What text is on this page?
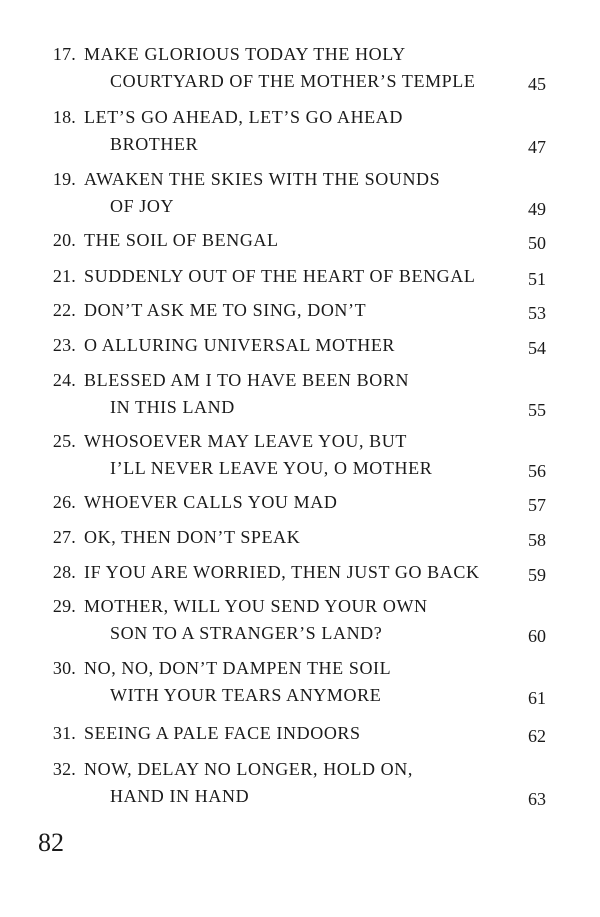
17. MAKE GLORIOUS TODAY THE HOLY
COURTYARD OF THE MOTHER’S TEMPLE	45
18. LET’S GO AHEAD, LET’S GO AHEAD
BROTHER	47
19. AWAKEN THE SKIES WITH THE SOUNDS
OF JOY	49
20. THE SOIL OF BENGAL	50
21. SUDDENLY OUT OF THE HEART OF BENGAL	51
22. DON’T ASK ME TO SING, DON’T	53
23. O ALLURING UNIVERSAL MOTHER	54
24. BLESSED AM I TO HAVE BEEN BORN
IN THIS LAND	55
25. WHOSOEVER MAY LEAVE YOU, BUT
I’LL NEVER LEAVE YOU, O MOTHER	56
26. WHOEVER CALLS YOU MAD	57
27. OK, THEN DON’T SPEAK	58
28. IF YOU ARE WORRIED, THEN JUST GO BACK	59
29. MOTHER, WILL YOU SEND YOUR OWN
SON TO A STRANGER’S LAND?	60
30. NO, NO, DON’T DAMPEN THE SOIL
WITH YOUR TEARS ANYMORE	61
31. SEEING A PALE FACE INDOORS	62
32. NOW, DELAY NO LONGER, HOLD ON,
HAND IN HAND	63
82
